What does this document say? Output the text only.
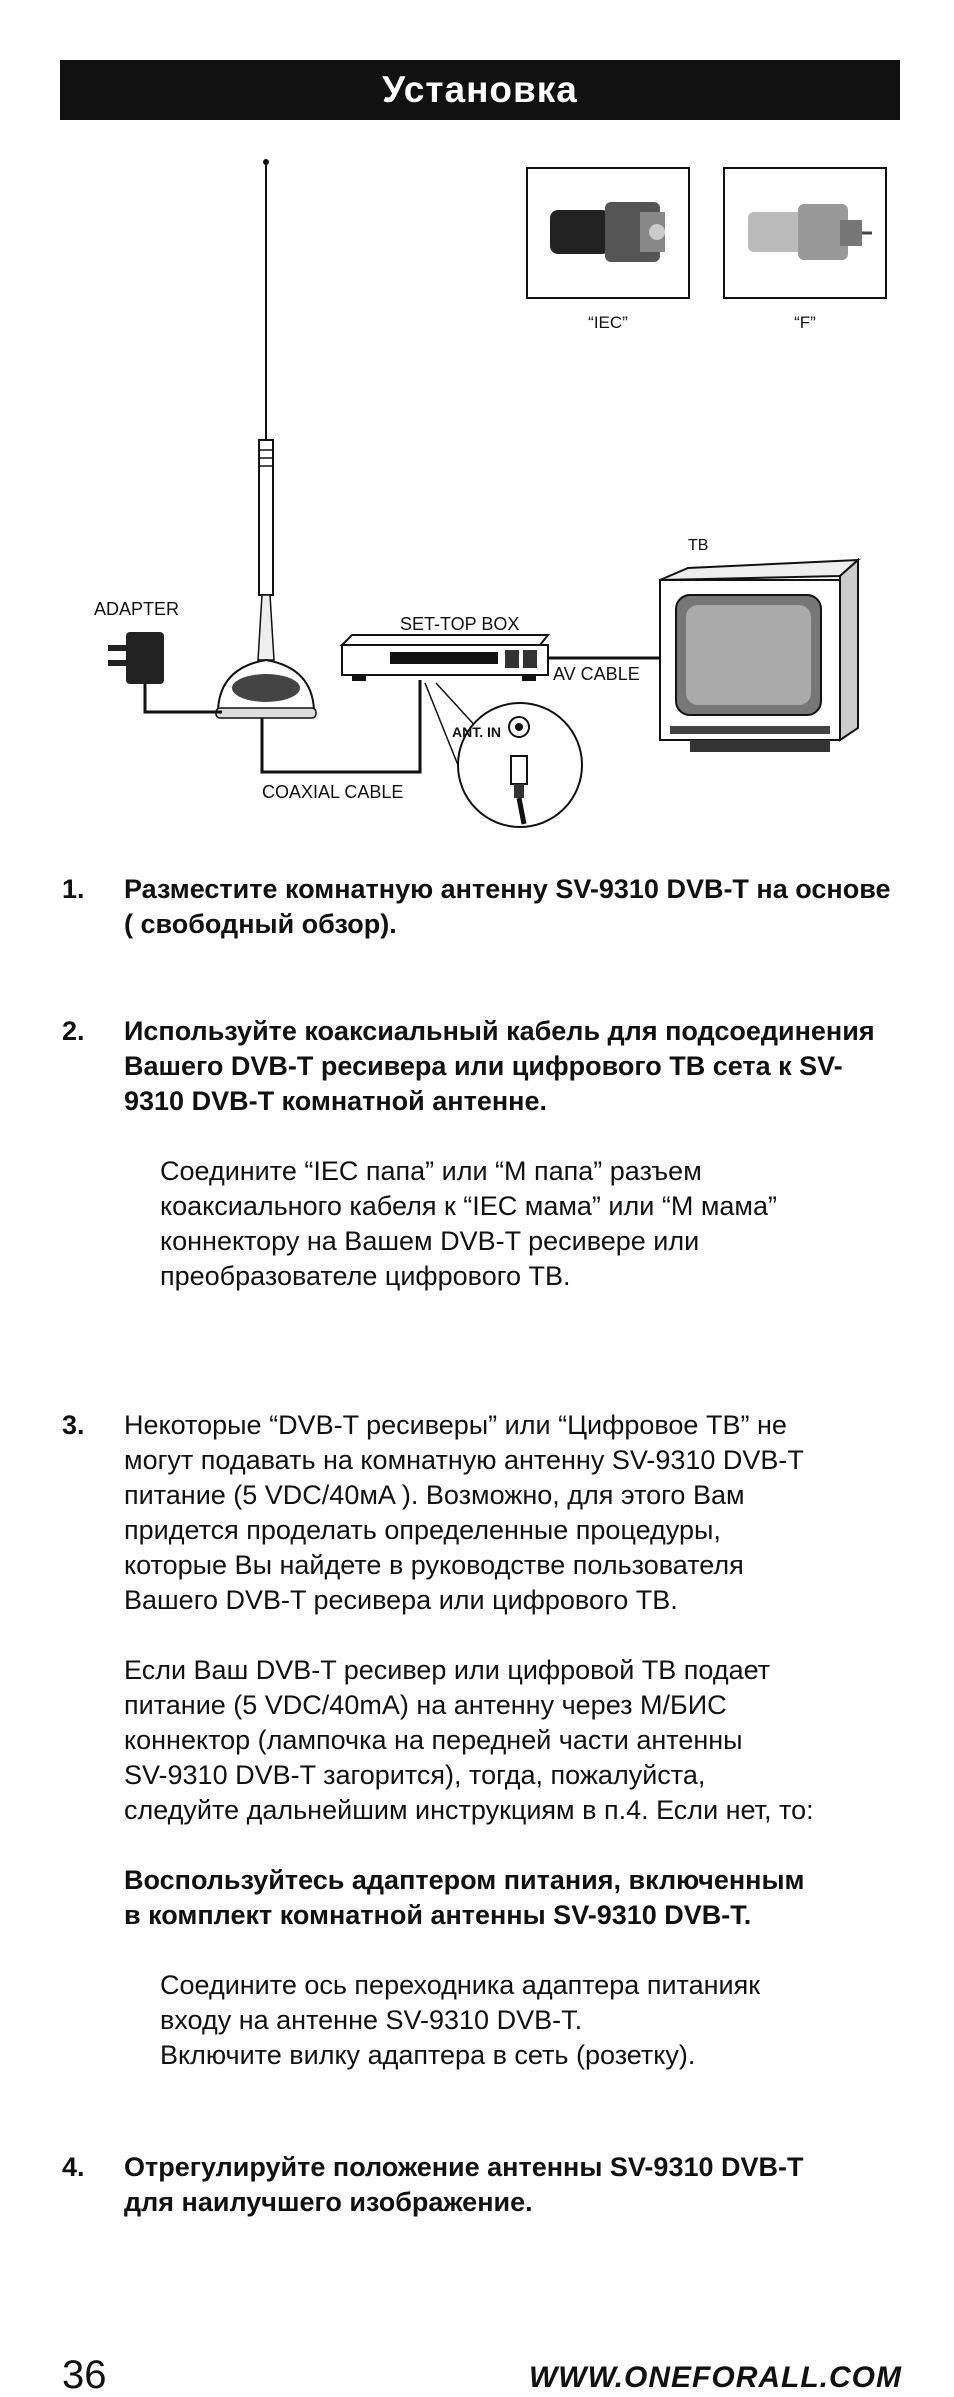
Установка
“IEC”	“F”
ADAPTER
SET-TOP BOX
AV CABLE
ТВ
COAXIAL CABLE
ANT. IN
1.	Разместите комнатную антенну SV-9310 DVB-T на основе ( свободный обзор).
2.	Используйте коаксиальный кабель для подсоединения Вашего DVB-T ресивера или цифрового ТВ сета к SV-9310 DVB-T комнатной антенне.
Соедините “IEC папа” или “M папа” разъем
коаксиального кабеля к “IEC мама” или “M мама”
коннектору на Вашем DVB-T ресивере или
преобразователе цифрового ТВ.
3.	Некоторые “DVB-T ресиверы” или “Цифровое ТВ” не
могут подавать на комнатную антенну SV-9310 DVB-T
питание (5 VDC/40мA ). Возможно, для этого Вам
придется проделать определенные процедуры,
которые Вы найдете в руководстве пользователя
Вашего DVB-T ресивера или цифрового ТВ.
Если Ваш DVB-T ресивер или цифровой ТВ подает
питание (5 VDC/40mA) на антенну через М/БИС
коннектор (лампочка на передней части антенны
SV-9310 DVB-T загорится), тогда, пожалуйста,
следуйте дальнейшим инструкциям в п.4. Если нет, то:
Воспользуйтесь адаптером питания, включенным
в комплект комнатной антенны SV-9310 DVB-T.
Соедините ось переходника адаптера питанияк
входу на антенне SV-9310 DVB-T.
Включите вилку адаптера в сеть (розетку).
4.	Отрегулируйте положение антенны SV-9310 DVB-T
для наилучшего изображение.
36	WWW.ONEFORALL.COM
